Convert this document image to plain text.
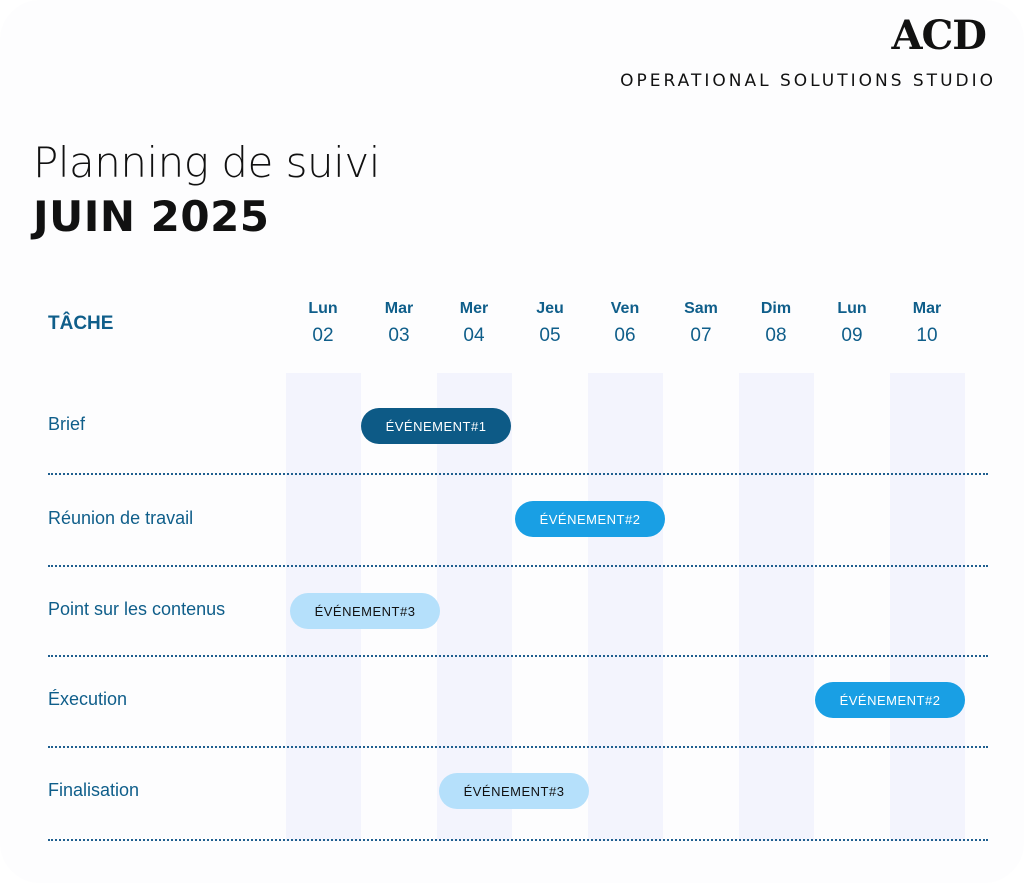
ACD
OPERATIONAL SOLUTIONS STUDIO
Planning de suivi
JUIN 2025
TÂCHE
Lun
02
Mar
03
Mer
04
Jeu
05
Ven
06
Sam
07
Dim
08
Lun
09
Mar
10
Brief
Réunion de travail
Point sur les contenus
Éxecution
Finalisation
ÉVÉNEMENT#1
ÉVÉNEMENT#2
ÉVÉNEMENT#3
ÉVÉNEMENT#2
ÉVÉNEMENT#3
